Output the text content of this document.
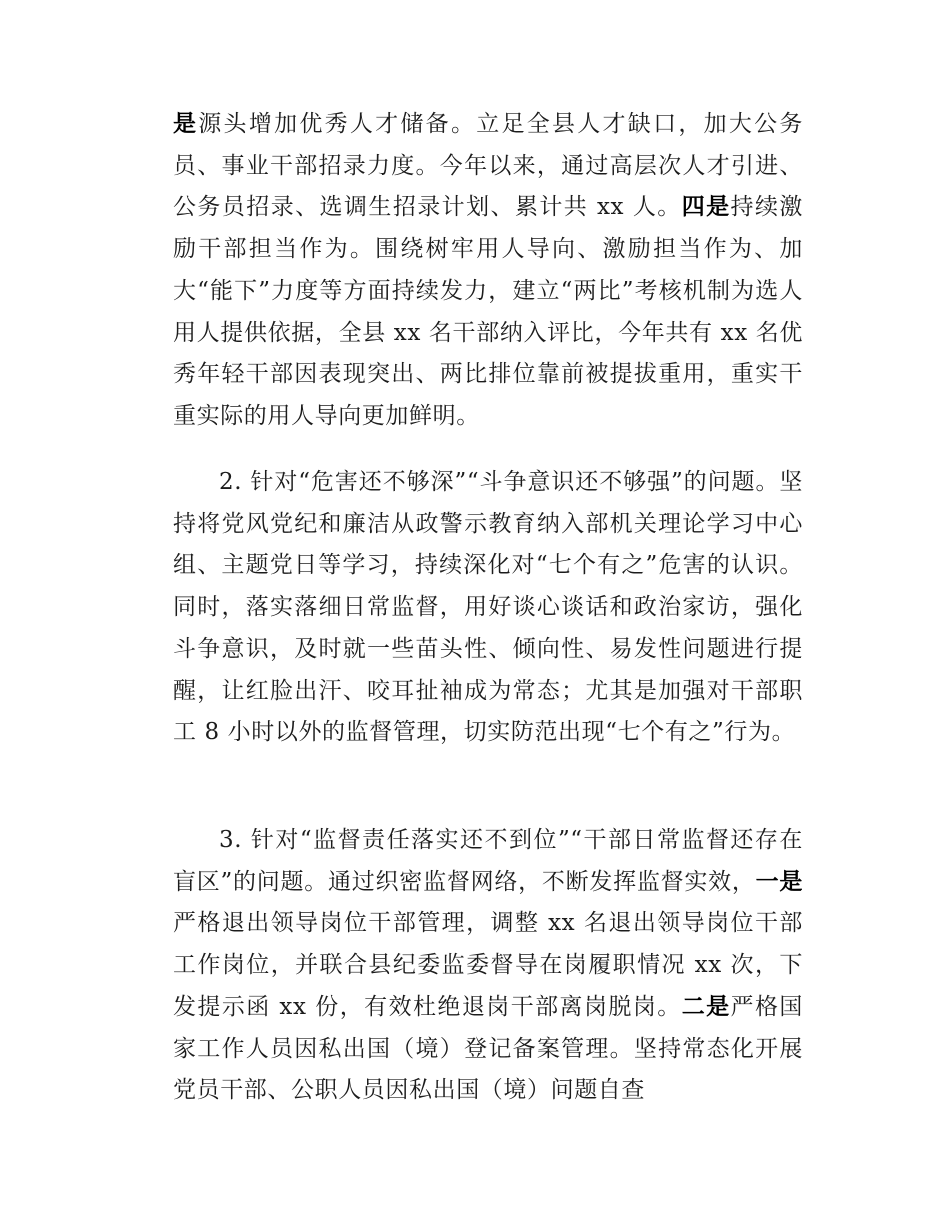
是源头增加优秀人才储备。立足全县人才缺口，加大公务员、事业干部招录力度。今年以来，通过高层次人才引进、公务员招录、选调生招录计划、累计共 xx 人。四是持续激励干部担当作为。围绕树牢用人导向、激励担当作为、加大“能下”力度等方面持续发力，建立“两比”考核机制为选人用人提供依据，全县 xx 名干部纳入评比，今年共有 xx 名优秀年轻干部因表现突出、两比排位靠前被提拔重用，重实干重实际的用人导向更加鲜明。

2. 针对“危害还不够深”“斗争意识还不够强”的问题。坚持将党风党纪和廉洁从政警示教育纳入部机关理论学习中心组、主题党日等学习，持续深化对“七个有之”危害的认识。同时，落实落细日常监督，用好谈心谈话和政治家访，强化斗争意识，及时就一些苗头性、倾向性、易发性问题进行提醒，让红脸出汗、咬耳扯袖成为常态；尤其是加强对干部职工 8 小时以外的监督管理，切实防范出现“七个有之”行为。

3. 针对“监督责任落实还不到位”“干部日常监督还存在盲区”的问题。通过织密监督网络，不断发挥监督实效，一是严格退出领导岗位干部管理，调整 xx 名退出领导岗位干部工作岗位，并联合县纪委监委督导在岗履职情况 xx 次，下发提示函 xx 份，有效杜绝退岗干部离岗脱岗。二是严格国家工作人员因私出国（境）登记备案管理。坚持常态化开展党员干部、公职人员因私出国（境）问题自查
